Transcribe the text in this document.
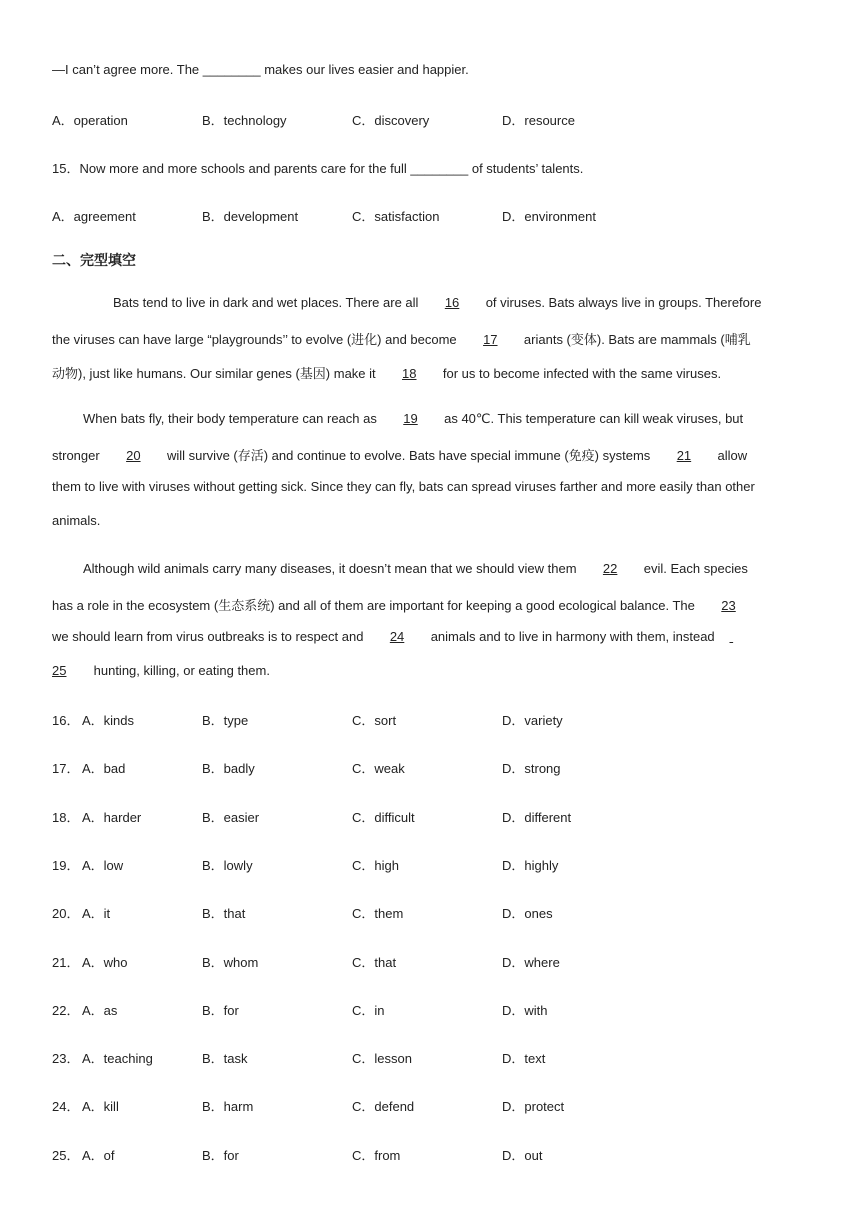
—I can’t agree more. The ________ makes our lives easier and happier.
A．operation	B．technology	C．discovery	D．resource
15．Now more and more schools and parents care for the full ________ of students’ talents.
A．agreement	B．development	C．satisfaction	D．environment
二、完型填空
Bats tend to live in dark and wet places. There are all 16 of viruses. Bats always live in groups. Therefore
the viruses can have large “playgrounds’’ to evolve (进化) and become 17 ariants (变体). Bats are mammals (哺乳
动物), just like humans. Our similar genes (基因) make it 18 for us to become infected with the same viruses.
When bats fly, their body temperature can reach as 19 as 40℃. This temperature can kill weak viruses, but
stronger 20 will survive (存活) and continue to evolve. Bats have special immune (免疫) systems 21 allow
them to live with viruses without getting sick. Since they can fly, bats can spread viruses farther and more easily than other
animals.
Although wild animals carry many diseases, it doesn’t mean that we should view them 22 evil. Each species
has a role in the ecosystem (生态系统) and all of them are important for keeping a good ecological balance. The 23
we should learn from virus outbreaks is to respect and 24 animals and to live in harmony with them, instead
25 hunting, killing, or eating them.
16． A．kinds	B．type	C．sort	D．variety
17． A．bad	B．badly	C．weak	D．strong
18． A．harder	B．easier	C．difficult	D．different
19． A．low	B．lowly	C．high	D．highly
20． A．it	B．that	C．them	D．ones
21． A．who	B．whom	C．that	D．where
22． A．as	B．for	C．in	D．with
23． A．teaching	B．task	C．lesson	D．text
24． A．kill	B．harm	C．defend	D．protect
25． A．of	B．for	C．from	D．out
